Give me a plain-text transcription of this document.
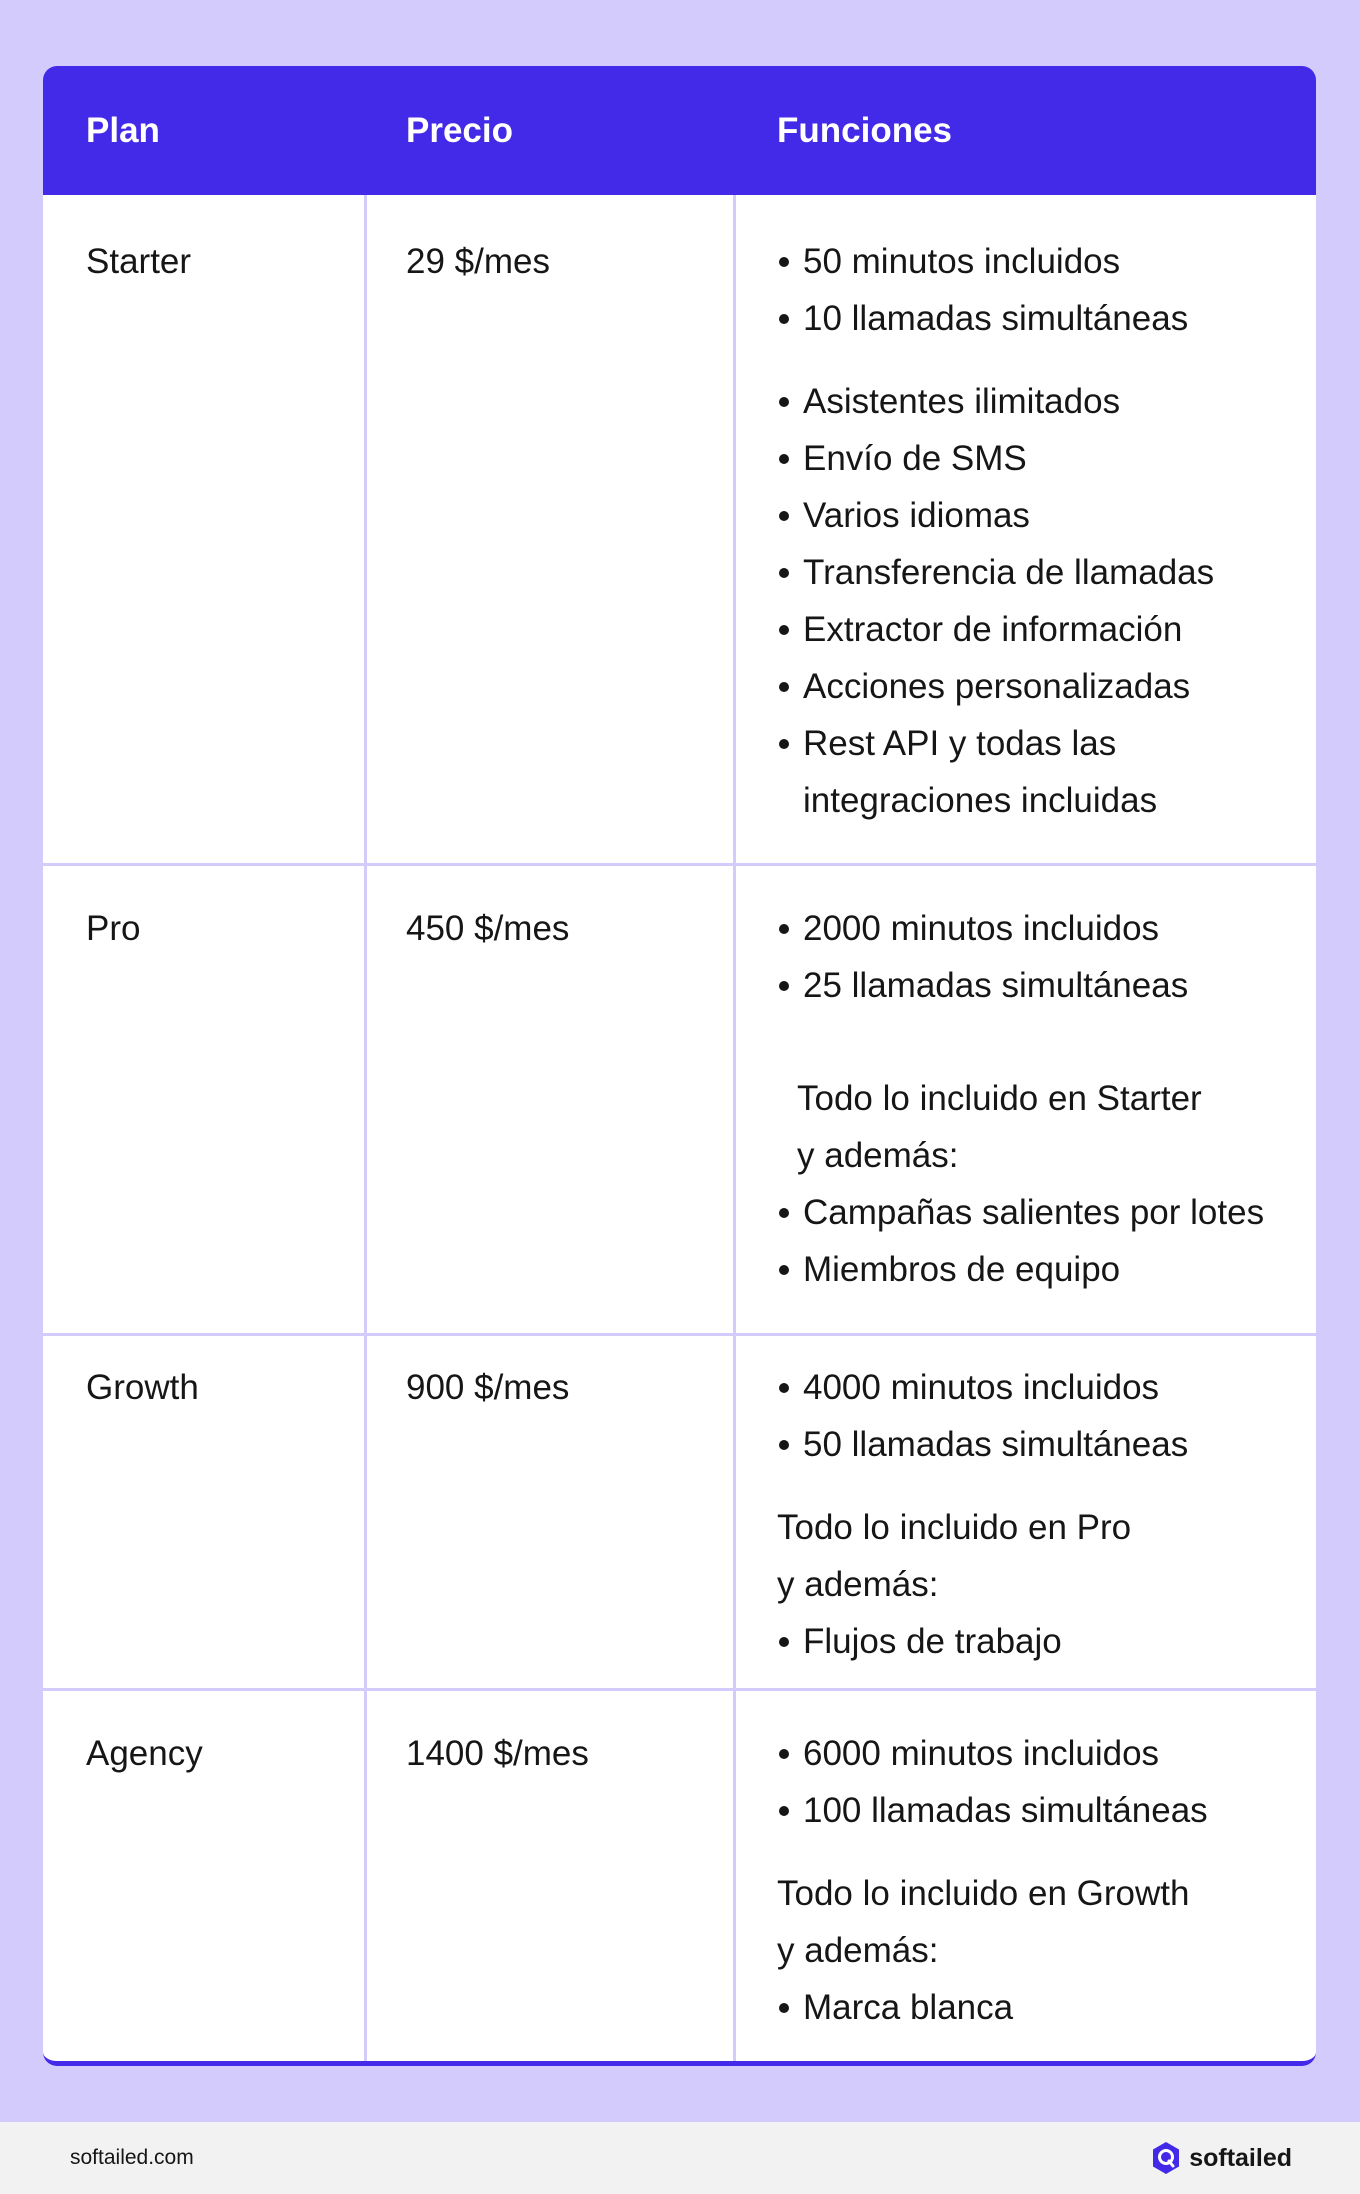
Plan	Precio	Funciones
Starter	29 $/mes	50 minutos incluidos
10 llamadas simultáneas
Asistentes ilimitados
Envío de SMS
Varios idiomas
Transferencia de llamadas
Extractor de información
Acciones personalizadas
Rest API y todas las integraciones incluidas
Pro	450 $/mes	2000 minutos incluidos
25 llamadas simultáneas
Todo lo incluido en Starter
y además:
Campañas salientes por lotes
Miembros de equipo
Growth	900 $/mes	4000 minutos incluidos
50 llamadas simultáneas
Todo lo incluido en Pro
y además:
Flujos de trabajo
Agency	1400 $/mes	6000 minutos incluidos
100 llamadas simultáneas
Todo lo incluido en Growth
y además:
Marca blanca
softailed.com	softailed
